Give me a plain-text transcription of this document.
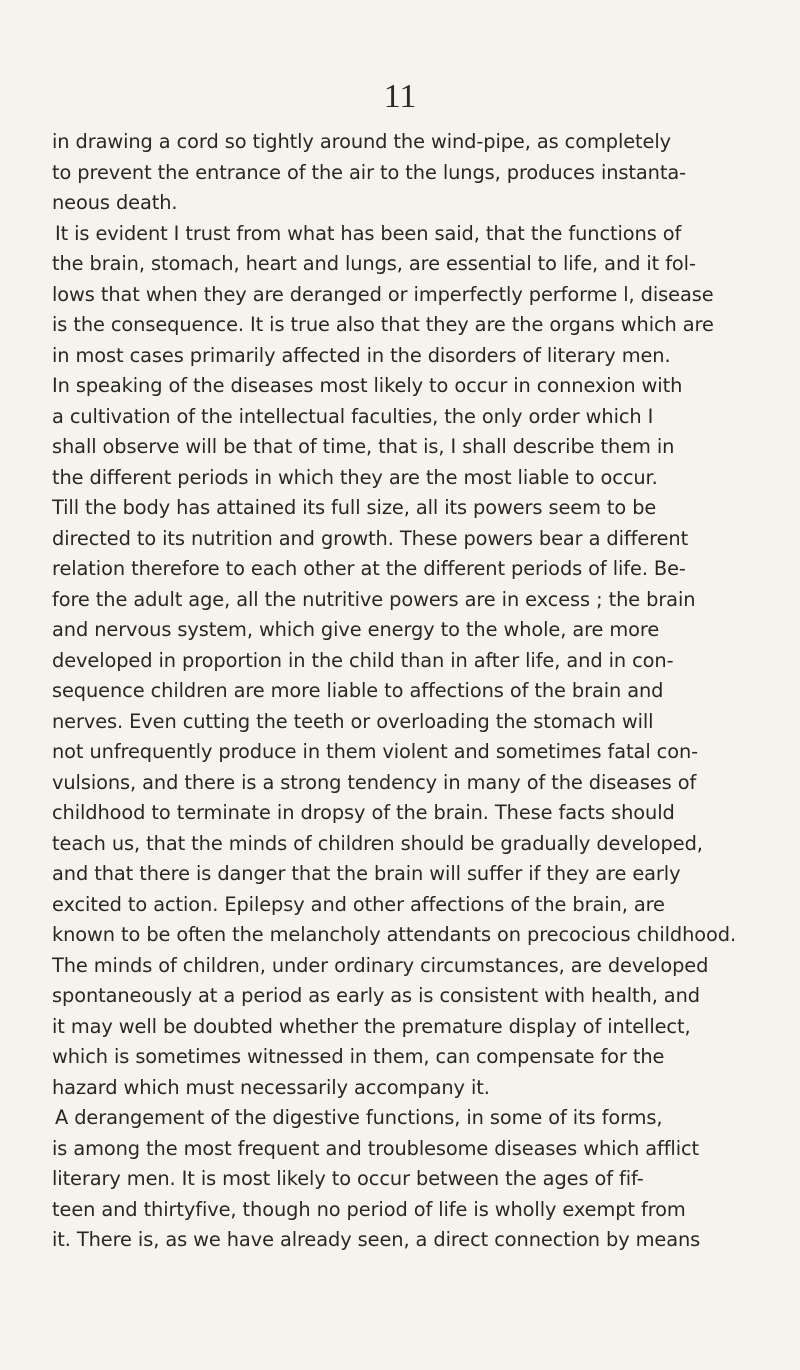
11
in drawing a cord so tightly around the wind-pipe, as completely
to prevent the entrance of the air to the lungs, produces instanta-
neous death.
It is evident I trust from what has been said, that the functions of
the brain, stomach, heart and lungs, are essential to life, and it fol-
lows that when they are deranged or imperfectly performe l, disease
is the consequence. It is true also that they are the organs which are
in most cases primarily affected in the disorders of literary men.
In speaking of the diseases most likely to occur in connexion with
a cultivation of the intellectual faculties, the only order which I
shall observe will be that of time, that is, I shall describe them in
the different periods in which they are the most liable to occur.
Till the body has attained its full size, all its powers seem to be
directed to its nutrition and growth. These powers bear a different
relation therefore to each other at the different periods of life. Be-
fore the adult age, all the nutritive powers are in excess ; the brain
and nervous system, which give energy to the whole, are more
developed in proportion in the child than in after life, and in con-
sequence children are more liable to affections of the brain and
nerves. Even cutting the teeth or overloading the stomach will
not unfrequently produce in them violent and sometimes fatal con-
vulsions, and there is a strong tendency in many of the diseases of
childhood to terminate in dropsy of the brain. These facts should
teach us, that the minds of children should be gradually developed,
and that there is danger that the brain will suffer if they are early
excited to action. Epilepsy and other affections of the brain, are
known to be often the melancholy attendants on precocious childhood.
The minds of children, under ordinary circumstances, are developed
spontaneously at a period as early as is consistent with health, and
it may well be doubted whether the premature display of intellect,
which is sometimes witnessed in them, can compensate for the
hazard which must necessarily accompany it.
A derangement of the digestive functions, in some of its forms,
is among the most frequent and troublesome diseases which afflict
literary men. It is most likely to occur between the ages of fif-
teen and thirtyfive, though no period of life is wholly exempt from
it. There is, as we have already seen, a direct connection by means
